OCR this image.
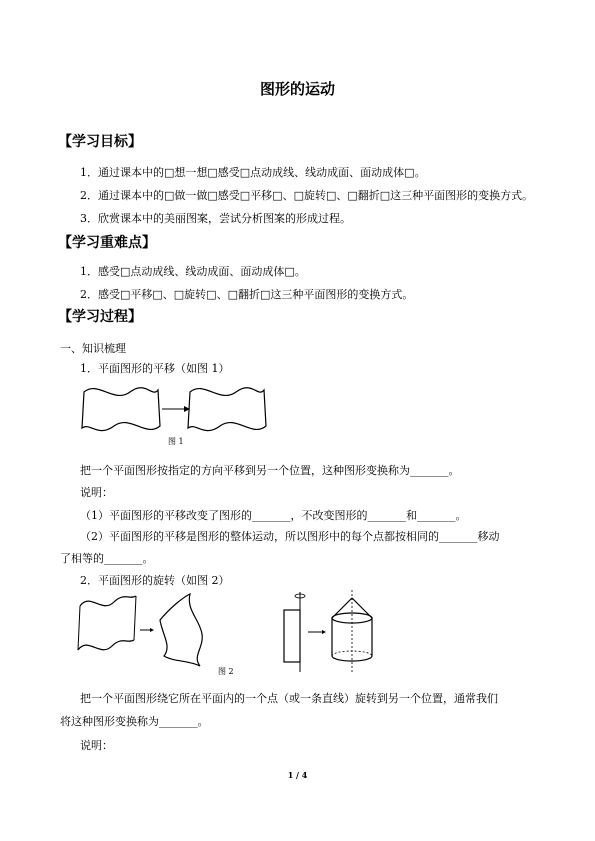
图形的运动
【学习目标】
1．通过课本中的□想一想□感受□点动成线、线动成面、面动成体□。
2．通过课本中的□做一做□感受□平移□、□旋转□、□翻折□这三种平面图形的变换方式。
3．欣赏课本中的美丽图案，尝试分析图案的形成过程。
【学习重难点】
1．感受□点动成线、线动成面、面动成体□。
2．感受□平移□、□旋转□、□翻折□这三种平面图形的变换方式。
【学习过程】
一、知识梳理
1．平面图形的平移（如图 1）
图 1
把一个平面图形按指定的方向平移到另一个位置，这种图形变换称为_______。
说明：
（1）平面图形的平移改变了图形的_______，不改变图形的_______和_______。
（2）平面图形的平移是图形的整体运动，所以图形中的每个点都按相同的_______移动
了相等的_______。
2．平面图形的旋转（如图 2）
图 2
把一个平面图形绕它所在平面内的一个点（或一条直线）旋转到另一个位置，通常我们
将这种图形变换称为_______。
说明：
1 / 4
